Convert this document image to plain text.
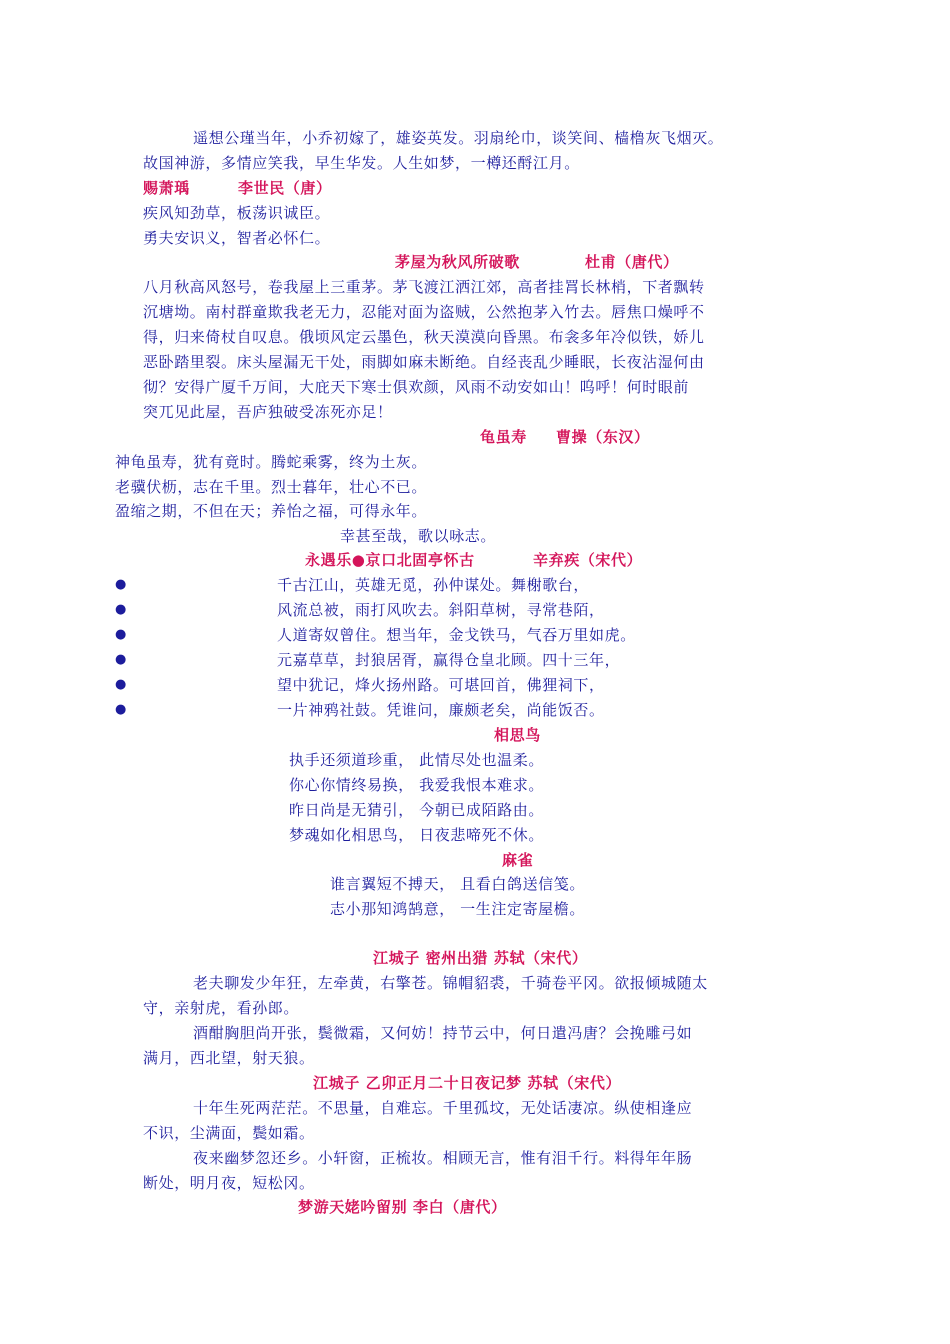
遥想公瑾当年，小乔初嫁了，雄姿英发。羽扇纶巾，谈笑间、樯橹灰飞烟灭。

故国神游，多情应笑我，早生华发。人生如梦，一樽还酹江月。

赐萧瑀	李世民（唐）

疾风知劲草，板荡识诚臣。

勇夫安识义，智者必怀仁。

茅屋为秋风所破歌	杜甫（唐代）

八月秋高风怒号，卷我屋上三重茅。茅飞渡江洒江郊，高者挂罥长林梢，下者飘转

沉塘坳。南村群童欺我老无力，忍能对面为盗贼，公然抱茅入竹去。唇焦口燥呼不

得，归来倚杖自叹息。俄顷风定云墨色，秋天漠漠向昏黑。布衾多年冷似铁，娇儿

恶卧踏里裂。床头屋漏无干处，雨脚如麻未断绝。自经丧乱少睡眠，长夜沾湿何由

彻？安得广厦千万间，大庇天下寒士俱欢颜，风雨不动安如山！呜呼！何时眼前

突兀见此屋，吾庐独破受冻死亦足！

龟虽寿 曹操（东汉）

神龟虽寿，犹有竟时。腾蛇乘雾，终为土灰。

老骥伏枥，志在千里。烈士暮年，壮心不已。

盈缩之期，不但在天；养怡之福，可得永年。

幸甚至哉，歌以咏志。

永遇乐●京口北固亭怀古	辛弃疾（宋代）

●	千古江山，英雄无觅，孙仲谋处。舞榭歌台，

●	风流总被，雨打风吹去。斜阳草树，寻常巷陌，

●	人道寄奴曾住。想当年，金戈铁马，气吞万里如虎。

●	元嘉草草，封狼居胥，赢得仓皇北顾。四十三年，

●	望中犹记，烽火扬州路。可堪回首，佛狸祠下，

●	一片神鸦社鼓。凭谁问，廉颇老矣，尚能饭否。

相思鸟

执手还须道珍重， 此情尽处也温柔。

你心你情终易换， 我爱我恨本难求。

昨日尚是无猜引， 今朝已成陌路由。

梦魂如化相思鸟， 日夜悲啼死不休。

麻雀

谁言翼短不搏天， 且看白鸽送信笺。

志小那知鸿鹄意， 一生注定寄屋檐。

江城子 密州出猎 苏轼（宋代）

老夫聊发少年狂，左牵黄，右擎苍。锦帽貂裘，千骑卷平冈。欲报倾城随太

守，亲射虎，看孙郎。

酒酣胸胆尚开张，鬓微霜，又何妨！持节云中，何日遣冯唐？会挽雕弓如

满月，西北望，射天狼。

江城子 乙卯正月二十日夜记梦 苏轼（宋代）

十年生死两茫茫。不思量，自难忘。千里孤坟，无处话凄凉。纵使相逢应

不识，尘满面，鬓如霜。

夜来幽梦忽还乡。小轩窗，正梳妆。相顾无言，惟有泪千行。料得年年肠

断处，明月夜，短松冈。

梦游天姥吟留别 李白（唐代）
